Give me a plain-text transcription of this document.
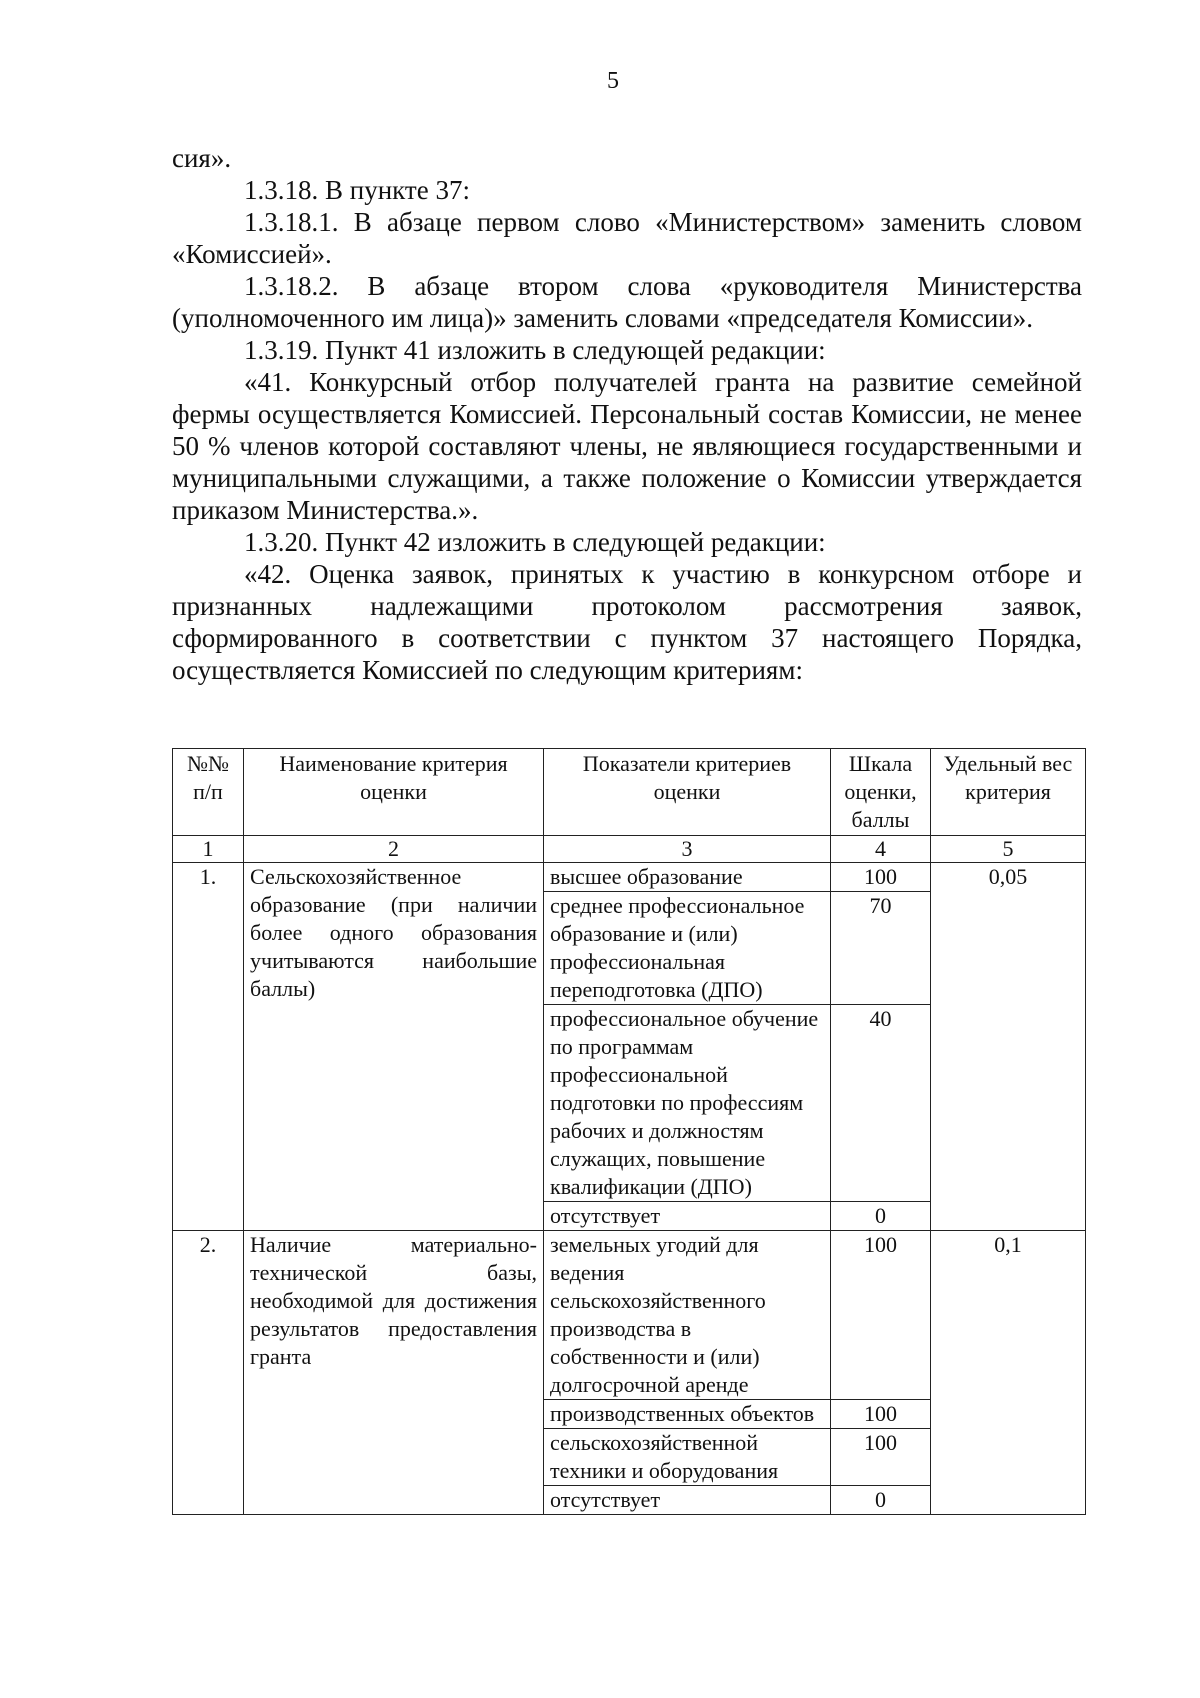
5

сия».

1.3.18. В пункте 37:

1.3.18.1. В абзаце первом слово «Министерством» заменить словом «Комиссией».

1.3.18.2. В абзаце втором слова «руководителя Министерства (уполномоченного им лица)» заменить словами «председателя Комиссии».

1.3.19. Пункт 41 изложить в следующей редакции:

«41. Конкурсный отбор получателей гранта на развитие семейной фермы осуществляется Комиссией. Персональный состав Комиссии, не менее 50 % членов которой составляют члены, не являющиеся государственными и муниципальными служащими, а также положение о Комиссии утверждается приказом Министерства.».

1.3.20. Пункт 42 изложить в следующей редакции:

«42. Оценка заявок, принятых к участию в конкурсном отборе и признанных надлежащими протоколом рассмотрения заявок, сформированного в соответствии с пунктом 37 настоящего Порядка, осуществляется Комиссией по следующим критериям:

№№ п/п	Наименование критерия оценки	Показатели критериев оценки	Шкала оценки, баллы	Удельный вес критерия
1	2	3	4	5
1.	Сельскохозяйственное образование (при наличии более одного образования учитываются наибольшие баллы)	высшее образование	100	0,05
		среднее профессиональное образование и (или) профессиональная переподготовка (ДПО)	70	
		профессиональное обучение по программам профессиональной подготовки по профессиям рабочих и должностям служащих, повышение квалификации (ДПО)	40	
		отсутствует	0	
2.	Наличие материально-технической базы, необходимой для достижения результатов предоставления гранта	земельных угодий для ведения сельскохозяйственного производства в собственности и (или) долгосрочной аренде	100	0,1
		производственных объектов	100	
		сельскохозяйственной техники и оборудования	100	
		отсутствует	0	
